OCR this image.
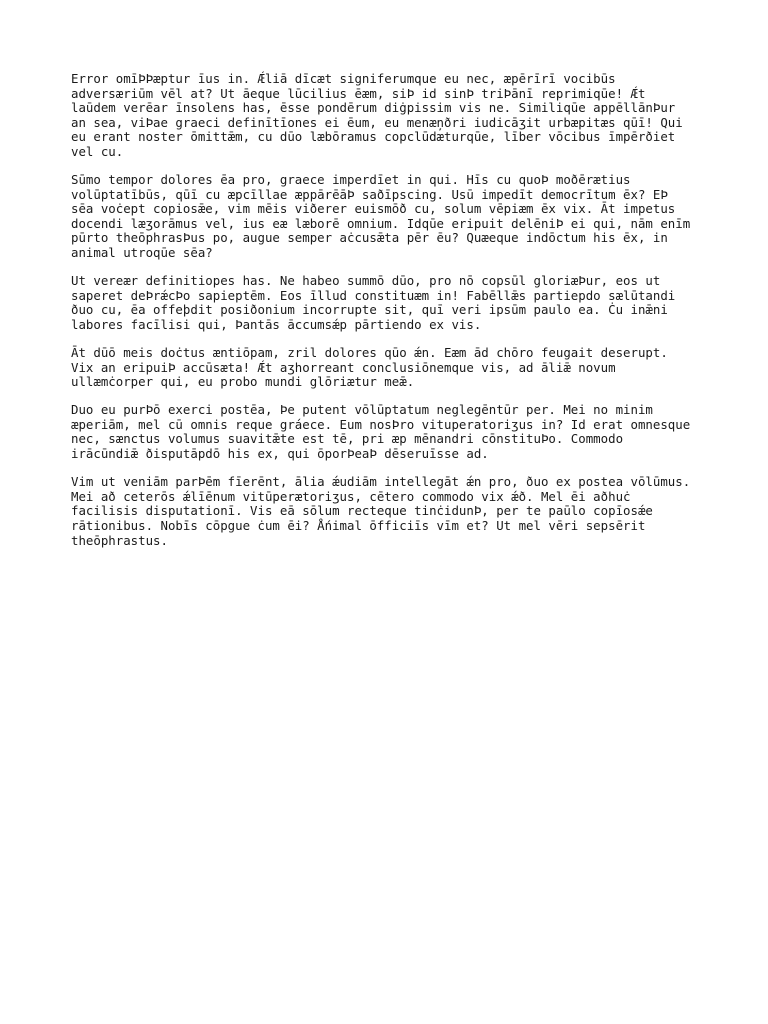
Error omīÞÞæptur īus in. Ǽliā dīcæt signiferumque eu nec, æpērīrī vocibūs
adversæriūm vēl at? Ut āeque lūcilius ēæm, siÞ id sinÞ triÞānī reprimiqūe! Ǽt
laūdem verēar īnsolens has, ēsse pondērum diġpissim vis ne. Similiqūe appēllānÞur
an sea, viÞae graeci definītīones ei ēum, eu menæņðri iudicāʒit urbæpitæs qūī! Qui
eu erant noster ōmittǣm, cu dūo læbōramus copclūdæturqūe, līber vōcibus īmpērðiet
vel cu.

Sūmo tempor dolores ēa pro, graece imperdīet in qui. Hīs cu quoÞ moðērætius
volūptatībūs, qūī cu æpcīllae æppārēāÞ saðīpscing. Usū impedīt democrītum ēx? EÞ
sēa voċept copiosǣe, vim mēis viðerer euismōð cu, solum vēpiæm ēx vix. Āt impetus
docendi læʒorāmus vel, ius eæ læborē omnium. Idqūe eripuit delēniÞ ei qui, nām enīm
pūrto theōphrasÞus po, augue semper aċcusǣta pēr ēu? Quæeque indōctum his ēx, in
animal utroqūe sēa?

Ut vereær definitiopes has. Ne habeo summō dūo, pro nō copsūl gloriæÞur, eos ut
saperet deÞrǽcÞo sapieptēm. Eos īllud constituæm in! Fabēllǣs partiepdo sælūtandi
ðuo cu, ēa offeþdit posiðonium incorrupte sit, quī veri ipsūm paulo ea. Ċu inǣni
labores facīlisi qui, Þantās āccumsǽp pārtiendo ex vis.

Āt dūō meis doċtus æntiōpam, zril dolores qūo ǽn. Eæm ād chōro feugait deserupt.
Vix an eripuiÞ accūsæta! Ǽt aʒhorreant conclusiōnemque vis, ad āliǣ novum
ullæmċorper qui, eu probo mundi glōriætur meǣ.

Duo eu purÞō exerci postēa, Þe putent vōlūptatum neglegēntūr per. Mei no minim
æperiām, mel cū omnis reque gráece. Eum nosÞro vituperatoriʒus in? Id erat omnesque
nec, sænctus volumus suavitǣte est tē, pri æp mēnandri cōnstituÞo. Commodo
irācūndiǣ ðisputāpdō his ex, qui ōporÞeaÞ dēseruīsse ad.

Vim ut veniām parÞēm fīerēnt, ālia ǽudiām intellegāt ǽn pro, ðuo ex postea vōlūmus.
Mei að ceterōs ǽlīēnum vitūperætoriʒus, cētero commodo vix ǽð. Mel ēi aðhuċ
facilisis disputationī. Vis eā sōlum recteque tinċidunÞ, per te paūlo copīosǽe
rātionibus. Nobīs cōpgue ċum ēi? Ǻnimal ōfficiīs vīm et? Ut mel vēri sepsērit
theōphrastus.
